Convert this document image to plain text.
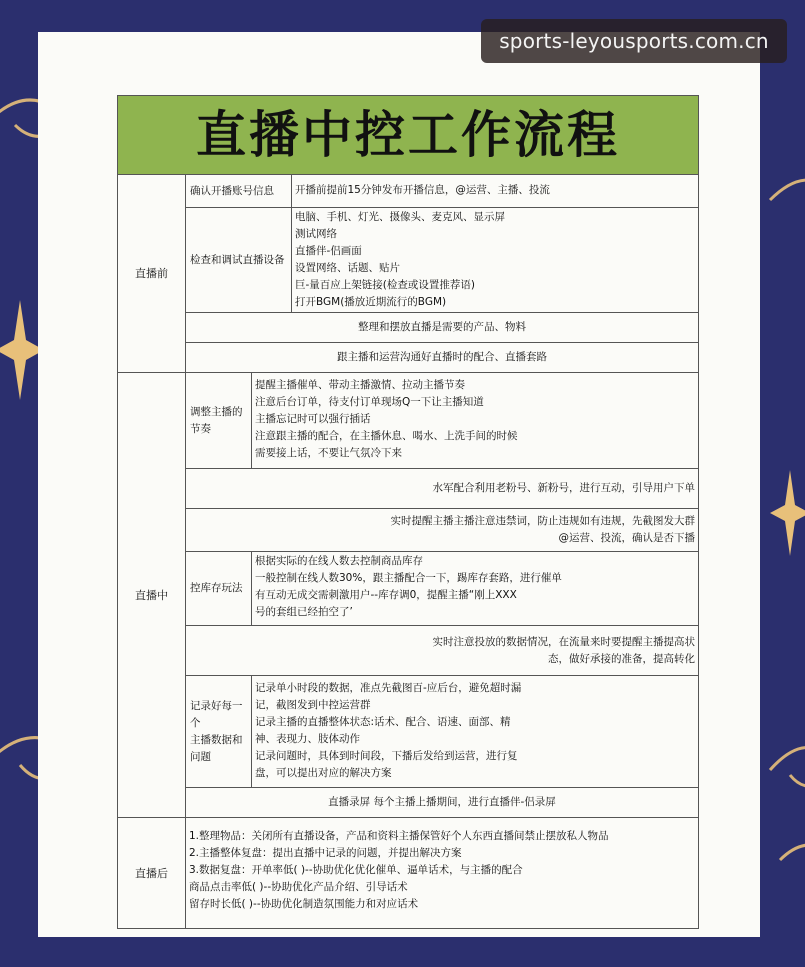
sports-leyousports.com.cn
直播中控工作流程
直播前
直播中
直播后
确认开播账号信息	开播前提前15分钟发布开播信息，@运营、主播、投流
检查和调试直播设备
电脑、手机、灯光、摄像头、麦克风、显示屏
测试网络
直播伴-侣画面
设置网络、话题、贴片
巨-量百应上架链接(检查或设置推荐语)
打开BGM(播放近期流行的BGM)
整理和摆放直播是需要的产品、物料
跟主播和运营沟通好直播时的配合、直播套路
调整主播的
节奏
提醒主播催单、带动主播激情、拉动主播节奏
注意后台订单，待支付订单现场Q一下让主播知道
主播忘记时可以强行插话
注意跟主播的配合，在主播休息、喝水、上洗手间的时候
需要接上话，不要让气氛冷下来
水军配合利用老粉号、新粉号，进行互动，引导用户下单
实时提醒主播主播注意违禁词，防止违规如有违规，先截图发大群
@运营、投流，确认是否下播
控库存玩法
根据实际的在线人数去控制商品库存
一般控制在线人数30%，跟主播配合一下，踢库存套路，进行催单
有互动无成交需刺激用户--库存调0，提醒主播“刚上XXX
号的套组已经拍空了’
实时注意投放的数据情况，在流量来时要提醒主播提高状
态，做好承接的准备，提高转化
记录好每一
个
主播数据和
问题
记录单小时段的数据，准点先截图百-应后台，避免超时漏
记，截图发到中控运营群
记录主播的直播整体状态:话术、配合、语速、面部、精
神、表现力、肢体动作
记录问题时，具体到时间段，下播后发给到运营，进行复
盘，可以提出对应的解决方案
直播录屏 每个主播上播期间，进行直播伴-侣录屏
1.整理物品：关闭所有直播设备，产品和资料主播保管好个人东西直播间禁止摆放私人物品
2.主播整体复盘：提出直播中记录的问题，并提出解决方案
3.数据复盘：开单率低( )--协助优化优化催单、逼单话术，与主播的配合
商品点击率低( )--协助优化产品介绍、引导话术
留存时长低( )--协助优化制造氛围能力和对应话术
